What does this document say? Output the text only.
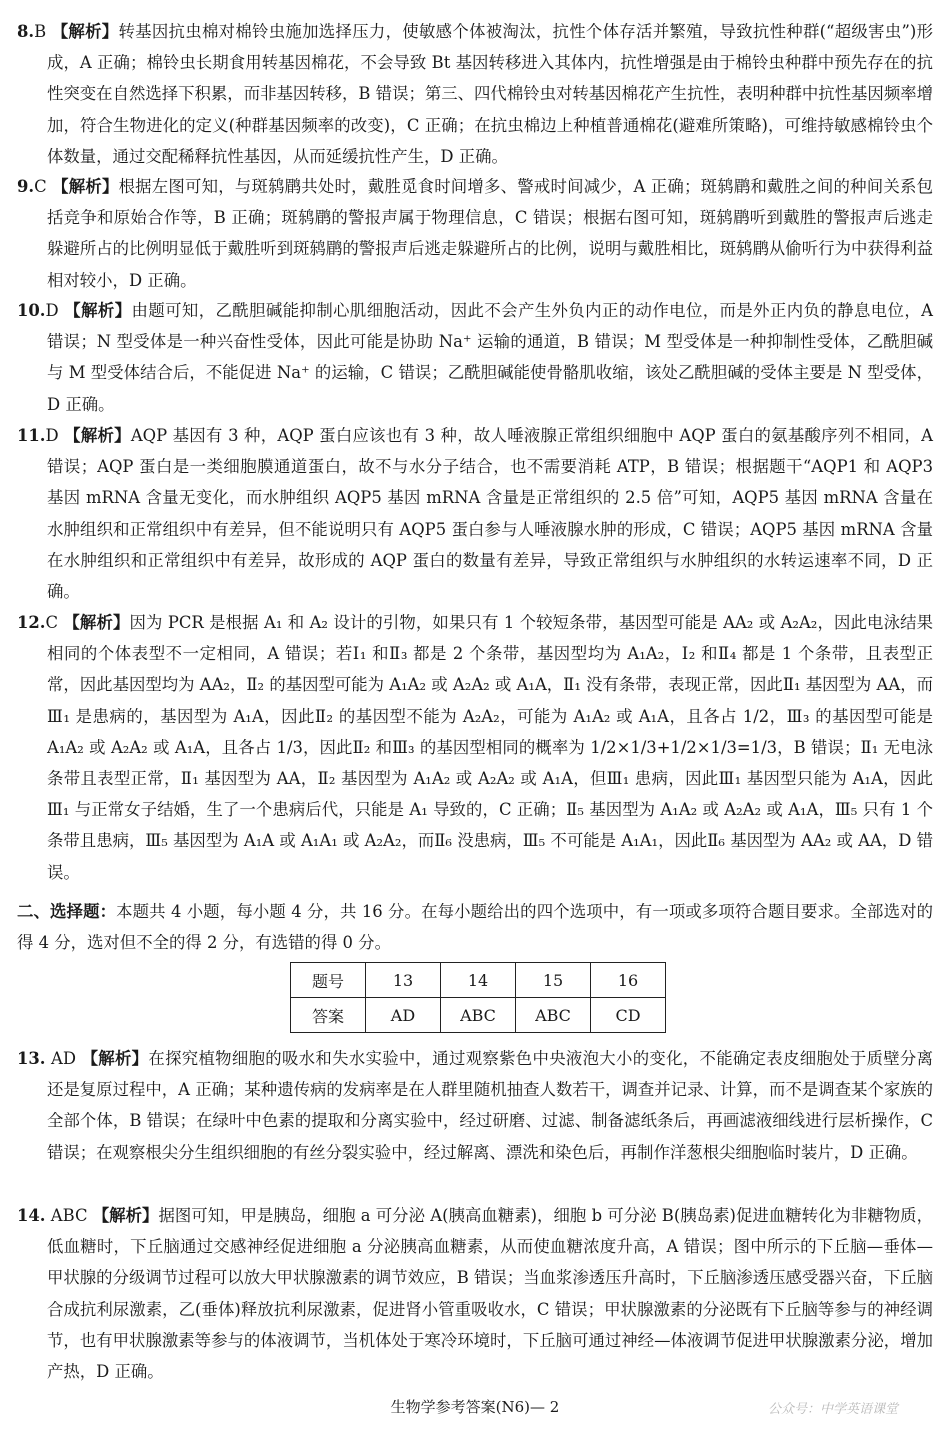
8.B 【解析】转基因抗虫棉对棉铃虫施加选择压力，使敏感个体被淘汰，抗性个体存活并繁殖，导致抗性种群(“超级害虫”)形成，A 正确；棉铃虫长期食用转基因棉花，不会导致 Bt 基因转移进入其体内，抗性增强是由于棉铃虫种群中预先存在的抗性突变在自然选择下积累，而非基因转移，B 错误；第三、四代棉铃虫对转基因棉花产生抗性，表明种群中抗性基因频率增加，符合生物进化的定义(种群基因频率的改变)，C 正确；在抗虫棉边上种植普通棉花(避难所策略)，可维持敏感棉铃虫个体数量，通过交配稀释抗性基因，从而延缓抗性产生，D 正确。
9.C 【解析】根据左图可知，与斑鸫鹛共处时，戴胜觅食时间增多、警戒时间减少，A 正确；斑鸫鹛和戴胜之间的种间关系包括竞争和原始合作等，B 正确；斑鸫鹛的警报声属于物理信息，C 错误；根据右图可知，斑鸫鹛听到戴胜的警报声后逃走躲避所占的比例明显低于戴胜听到斑鸫鹛的警报声后逃走躲避所占的比例，说明与戴胜相比，斑鸫鹛从偷听行为中获得利益相对较小，D 正确。
10.D 【解析】由题可知，乙酰胆碱能抑制心肌细胞活动，因此不会产生外负内正的动作电位，而是外正内负的静息电位，A 错误；N 型受体是一种兴奋性受体，因此可能是协助 Na⁺ 运输的通道，B 错误；M 型受体是一种抑制性受体，乙酰胆碱与 M 型受体结合后，不能促进 Na⁺ 的运输，C 错误；乙酰胆碱能使骨骼肌收缩，该处乙酰胆碱的受体主要是 N 型受体，D 正确。
11.D 【解析】AQP 基因有 3 种，AQP 蛋白应该也有 3 种，故人唾液腺正常组织细胞中 AQP 蛋白的氨基酸序列不相同，A 错误；AQP 蛋白是一类细胞膜通道蛋白，故不与水分子结合，也不需要消耗 ATP，B 错误；根据题干“AQP1 和 AQP3 基因 mRNA 含量无变化，而水肿组织 AQP5 基因 mRNA 含量是正常组织的 2.5 倍”可知，AQP5 基因 mRNA 含量在水肿组织和正常组织中有差异，但不能说明只有 AQP5 蛋白参与人唾液腺水肿的形成，C 错误；AQP5 基因 mRNA 含量在水肿组织和正常组织中有差异，故形成的 AQP 蛋白的数量有差异，导致正常组织与水肿组织的水转运速率不同，D 正确。
12.C 【解析】因为 PCR 是根据 A₁ 和 A₂ 设计的引物，如果只有 1 个较短条带，基因型可能是 AA₂ 或 A₂A₂，因此电泳结果相同的个体表型不一定相同，A 错误；若Ⅰ₁ 和Ⅱ₃ 都是 2 个条带，基因型均为 A₁A₂，Ⅰ₂ 和Ⅱ₄ 都是 1 个条带，且表型正常，因此基因型均为 AA₂，Ⅱ₂ 的基因型可能为 A₁A₂ 或 A₂A₂ 或 A₁A，Ⅱ₁ 没有条带，表现正常，因此Ⅱ₁ 基因型为 AA，而Ⅲ₁ 是患病的，基因型为 A₁A，因此Ⅱ₂ 的基因型不能为 A₂A₂，可能为 A₁A₂ 或 A₁A，且各占 1/2，Ⅲ₃ 的基因型可能是 A₁A₂ 或 A₂A₂ 或 A₁A，且各占 1/3，因此Ⅱ₂ 和Ⅲ₃ 的基因型相同的概率为 1/2×1/3+1/2×1/3=1/3，B 错误；Ⅱ₁ 无电泳条带且表型正常，Ⅱ₁ 基因型为 AA，Ⅱ₂ 基因型为 A₁A₂ 或 A₂A₂ 或 A₁A，但Ⅲ₁ 患病，因此Ⅲ₁ 基因型只能为 A₁A，因此Ⅲ₁ 与正常女子结婚，生了一个患病后代，只能是 A₁ 导致的，C 正确；Ⅱ₅ 基因型为 A₁A₂ 或 A₂A₂ 或 A₁A，Ⅲ₅ 只有 1 个条带且患病，Ⅲ₅ 基因型为 A₁A 或 A₁A₁ 或 A₂A₂，而Ⅱ₆ 没患病，Ⅲ₅ 不可能是 A₁A₁，因此Ⅱ₆ 基因型为 AA₂ 或 AA，D 错误。
二、选择题：本题共 4 小题，每小题 4 分，共 16 分。在每小题给出的四个选项中，有一项或多项符合题目要求。全部选对的得 4 分，选对但不全的得 2 分，有选错的得 0 分。
题号	13	14	15	16
答案	AD	ABC	ABC	CD
13. AD 【解析】在探究植物细胞的吸水和失水实验中，通过观察紫色中央液泡大小的变化，不能确定表皮细胞处于质壁分离还是复原过程中，A 正确；某种遗传病的发病率是在人群里随机抽查人数若干，调查并记录、计算，而不是调查某个家族的全部个体，B 错误；在绿叶中色素的提取和分离实验中，经过研磨、过滤、制备滤纸条后，再画滤液细线进行层析操作，C 错误；在观察根尖分生组织细胞的有丝分裂实验中，经过解离、漂洗和染色后，再制作洋葱根尖细胞临时装片，D 正确。
14. ABC 【解析】据图可知，甲是胰岛，细胞 a 可分泌 A(胰高血糖素)，细胞 b 可分泌 B(胰岛素)促进血糖转化为非糖物质，低血糖时，下丘脑通过交感神经促进细胞 a 分泌胰高血糖素，从而使血糖浓度升高，A 错误；图中所示的下丘脑—垂体—甲状腺的分级调节过程可以放大甲状腺激素的调节效应，B 错误；当血浆渗透压升高时，下丘脑渗透压感受器兴奋，下丘脑合成抗利尿激素，乙(垂体)释放抗利尿激素，促进肾小管重吸收水，C 错误；甲状腺激素的分泌既有下丘脑等参与的神经调节，也有甲状腺激素等参与的体液调节，当机体处于寒冷环境时，下丘脑可通过神经—体液调节促进甲状腺激素分泌，增加产热，D 正确。
生物学参考答案(N6)— 2	公众号：中学英语课堂
